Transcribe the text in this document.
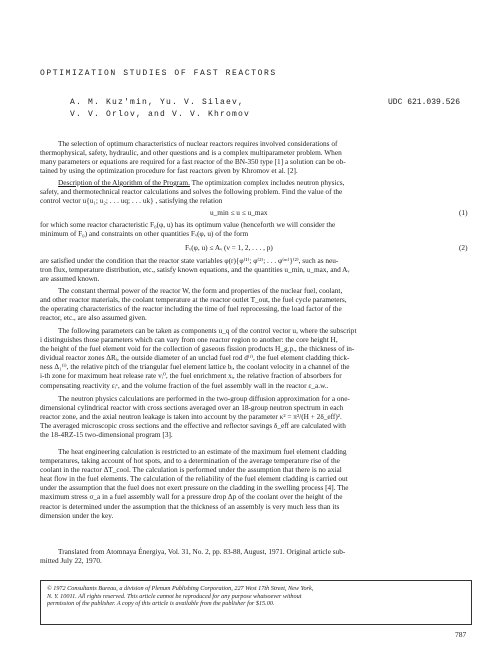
OPTIMIZATION STUDIES OF FAST REACTORS
A. M. Kuz'min, Yu. V. Silaev,
V. V. Orlov, and V. V. Khromov
UDC 621.039.526
The selection of optimum characteristics of nuclear reactors requires involved considerations of
thermophysical, safety, hydraulic, and other questions and is a complex multiparameter problem. When
many parameters or equations are required for a fast reactor of the BN-350 type [1] a solution can be ob-
tained by using the optimization procedure for fast reactors given by Khromov et al. [2].
Description of the Algorithm of the Program. The optimization complex includes neutron physics,
safety, and thermotechnical reactor calculations and solves the following problem. Find the value of the
control vector u{u₁; u₂; . . . uq; . . . uk} , satisfying the relation
u_min ≤ u ≤ u_max	(1)
for which some reactor characteristic F₀(φ, u) has its optimum value (henceforth we will consider the
minimum of F₀) and constraints on other quantities Fᵥ(φ, u) of the form
Fᵥ(φ, u) ≤ Aᵥ (ν = 1, 2, . . . , p)	(2)
are satisfied under the condition that the reactor state variables φ(r){φ⁽¹⁾; φ⁽²⁾; . . . φ⁽ᵐ⁾}⁽²⁾, such as neu-
tron flux, temperature distribution, etc., satisfy known equations, and the quantities u_min, u_max, and Aᵥ
are assumed known.
The constant thermal power of the reactor W, the form and properties of the nuclear fuel, coolant,
and other reactor materials, the coolant temperature at the reactor outlet T_out, the fuel cycle parameters,
the operating characteristics of the reactor including the time of fuel reprocessing, the load factor of the
reactor, etc., are also assumed given.
The following parameters can be taken as components u_q of the control vector u, where the subscript
i distinguishes those parameters which can vary from one reactor region to another: the core height H,
the height of the fuel element void for the collection of gaseous fission products H_g.p., the thickness of in-
dividual reactor zones ΔRᵢ, the outside diameter of an unclad fuel rod d⁽ᶠ⁾, the fuel element cladding thick-
ness Δ₁⁽ⁱ⁾, the relative pitch of the triangular fuel element lattice bᵢ, the coolant velocity in a channel of the
i-th zone for maximum heat release rate vᵢ⁰, the fuel enrichment xᵢ, the relative fraction of absorbers for
compensating reactivity εᵢᶜ, and the volume fraction of the fuel assembly wall in the reactor ε_a.w..
The neutron physics calculations are performed in the two-group diffusion approximation for a one-
dimensional cylindrical reactor with cross sections averaged over an 18-group neutron spectrum in each
reactor zone, and the axial neutron leakage is taken into account by the parameter κ² = π²/(H + 2δ_eff)².
The averaged microscopic cross sections and the effective and reflector savings δ_eff are calculated with
the 18-4RZ-15 two-dimensional program [3].
The heat engineering calculation is restricted to an estimate of the maximum fuel element cladding
temperatures, taking account of hot spots, and to a determination of the average temperature rise of the
coolant in the reactor ΔT_cool. The calculation is performed under the assumption that there is no axial
heat flow in the fuel elements. The calculation of the reliability of the fuel element cladding is carried out
under the assumption that the fuel does not exert pressure on the cladding in the swelling process [4]. The
maximum stress σ_a in a fuel assembly wall for a pressure drop Δp of the coolant over the height of the
reactor is determined under the assumption that the thickness of an assembly is very much less than its
dimension under the key.
Translated from Atomnaya Énergiya, Vol. 31, No. 2, pp. 83-88, August, 1971. Original article sub-
mitted July 22, 1970.
© 1972 Consultants Bureau, a division of Plenum Publishing Corporation, 227 West 17th Street, New York,
N. Y. 10011. All rights reserved. This article cannot be reproduced for any purpose whatsoever without
permission of the publisher. A copy of this article is available from the publisher for $15.00.
787
